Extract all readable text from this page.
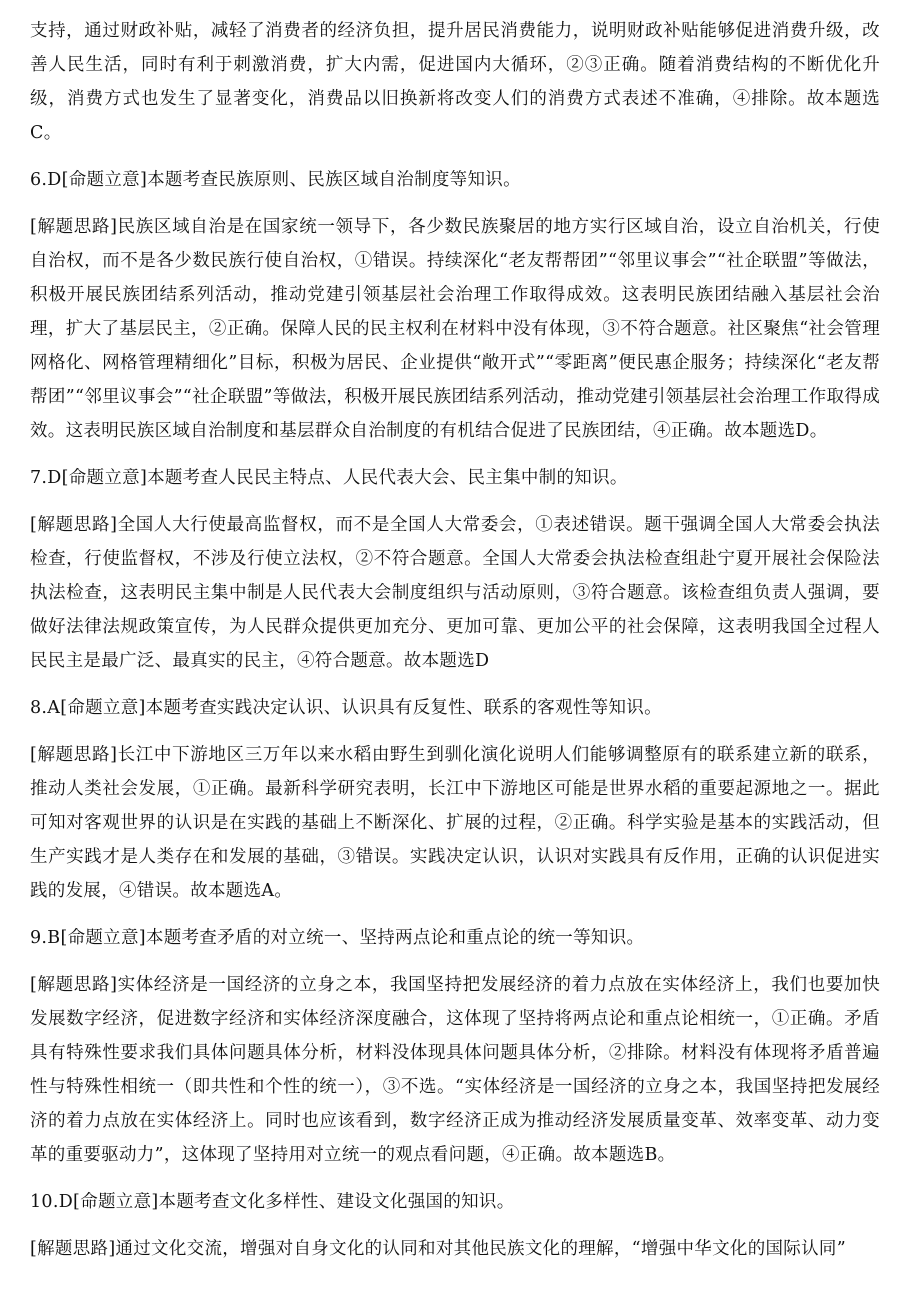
支持，通过财政补贴，减轻了消费者的经济负担，提升居民消费能力，说明财政补贴能够促进消费升级，改善人民生活，同时有利于刺激消费，扩大内需，促进国内大循环，②③正确。随着消费结构的不断优化升级，消费方式也发生了显著变化，消费品以旧换新将改变人们的消费方式表述不准确，④排除。故本题选C。

6.D[命题立意]本题考查民族原则、民族区域自治制度等知识。

[解题思路]民族区域自治是在国家统一领导下，各少数民族聚居的地方实行区域自治，设立自治机关，行使自治权，而不是各少数民族行使自治权，①错误。持续深化“老友帮帮团”“邻里议事会”“社企联盟”等做法，积极开展民族团结系列活动，推动党建引领基层社会治理工作取得成效。这表明民族团结融入基层社会治理，扩大了基层民主，②正确。保障人民的民主权利在材料中没有体现，③不符合题意。社区聚焦“社会管理网格化、网格管理精细化”目标，积极为居民、企业提供“敞开式”“零距离”便民惠企服务；持续深化“老友帮帮团”“邻里议事会”“社企联盟”等做法，积极开展民族团结系列活动，推动党建引领基层社会治理工作取得成效。这表明民族区域自治制度和基层群众自治制度的有机结合促进了民族团结，④正确。故本题选D。

7.D[命题立意]本题考查人民民主特点、人民代表大会、民主集中制的知识。

[解题思路]全国人大行使最高监督权，而不是全国人大常委会，①表述错误。题干强调全国人大常委会执法检查，行使监督权，不涉及行使立法权，②不符合题意。全国人大常委会执法检查组赴宁夏开展社会保险法执法检查，这表明民主集中制是人民代表大会制度组织与活动原则，③符合题意。该检查组负责人强调，要做好法律法规政策宣传，为人民群众提供更加充分、更加可靠、更加公平的社会保障，这表明我国全过程人民民主是最广泛、最真实的民主，④符合题意。故本题选D

8.A[命题立意]本题考查实践决定认识、认识具有反复性、联系的客观性等知识。

[解题思路]长江中下游地区三万年以来水稻由野生到驯化演化说明人们能够调整原有的联系建立新的联系，推动人类社会发展，①正确。最新科学研究表明，长江中下游地区可能是世界水稻的重要起源地之一。据此可知对客观世界的认识是在实践的基础上不断深化、扩展的过程，②正确。科学实验是基本的实践活动，但生产实践才是人类存在和发展的基础，③错误。实践决定认识，认识对实践具有反作用，正确的认识促进实践的发展，④错误。故本题选A。

9.B[命题立意]本题考查矛盾的对立统一、坚持两点论和重点论的统一等知识。

[解题思路]实体经济是一国经济的立身之本，我国坚持把发展经济的着力点放在实体经济上，我们也要加快发展数字经济，促进数字经济和实体经济深度融合，这体现了坚持将两点论和重点论相统一，①正确。矛盾具有特殊性要求我们具体问题具体分析，材料没体现具体问题具体分析，②排除。材料没有体现将矛盾普遍性与特殊性相统一（即共性和个性的统一），③不选。“实体经济是一国经济的立身之本，我国坚持把发展经济的着力点放在实体经济上。同时也应该看到，数字经济正成为推动经济发展质量变革、效率变革、动力变革的重要驱动力”，这体现了坚持用对立统一的观点看问题，④正确。故本题选B。

10.D[命题立意]本题考查文化多样性、建设文化强国的知识。

[解题思路]通过文化交流，增强对自身文化的认同和对其他民族文化的理解，“增强中华文化的国际认同”
